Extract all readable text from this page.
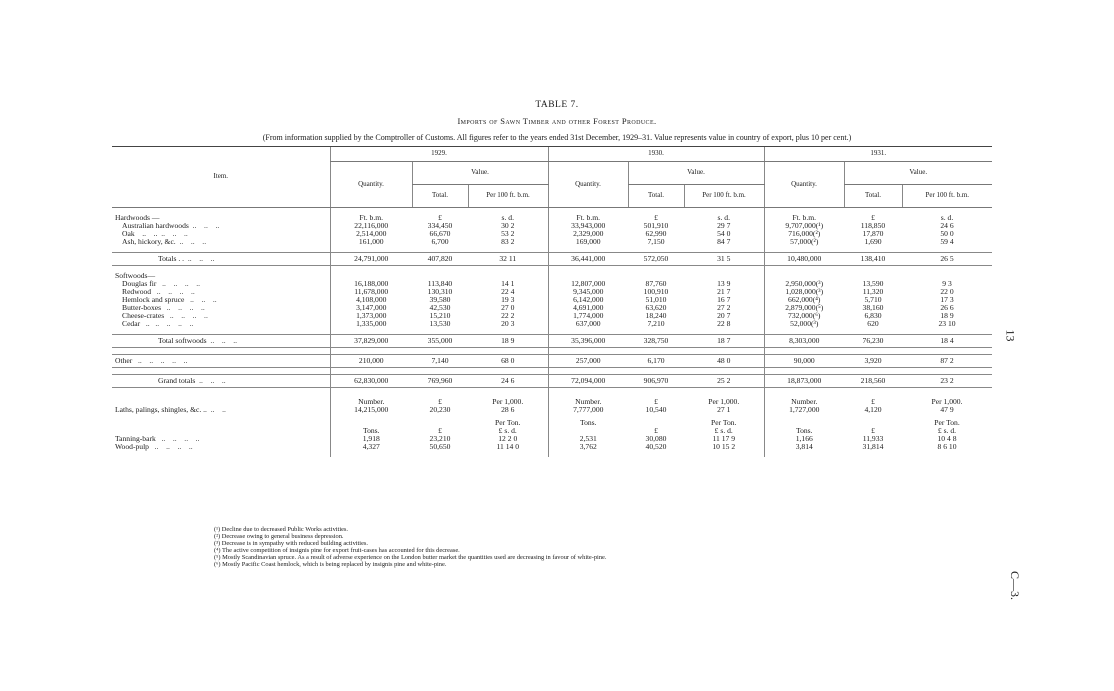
TABLE 7.
Imports of Sawn Timber and other Forest Produce.
(From information supplied by the Comptroller of Customs. All figures refer to the years ended 31st December, 1929–31. Value represents value in country of export, plus 10 per cent.)
13
C—3.
Item.	1929.			1930.			1931.		
	Quantity.	Value.		Quantity.	Value.		Quantity.	Value.	
		Total.	Per 100 ft. b.m.		Total.	Per 100 ft. b.m.		Total.	Per 100 ft. b.m.

Hardwoods —	Ft. b.m.	£	s. d.	Ft. b.m.	£	s. d.	Ft. b.m.	£	s. d.
Australian hardwoods  ..    ..    ..	22,116,000	334,450	30 2	33,943,000	501,910	29 7	9,707,000(¹)	118,850	24 6
Oak    ..    ..  ..    ..    ..	2,514,000	66,670	53 2	2,329,000	62,990	54 0	716,000(²)	17,870	50 0
Ash, hickory, &c.  ..    ..    ..	161,000	6,700	83 2	169,000	7,150	84 7	57,000(²)	1,690	59 4

Totals . .  ..    ..    ..	24,791,000	407,820	32 11	36,441,000	572,050	31 5	10,480,000	138,410	26 5

Softwoods—									
Douglas fir   ..    ..    ..    ..	16,188,000	113,840	14 1	12,807,000	87,760	13 9	2,950,000(³)	13,590	9 3
Redwood   ..    ..    ..    ..	11,678,000	130,310	22 4	9,345,000	100,910	21 7	1,028,000(³)	11,320	22 0
Hemlock and spruce   ..    ..    ..	4,108,000	39,580	19 3	6,142,000	51,010	16 7	662,000(⁴)	5,710	17 3
Butter-boxes   ..    ..    ..    ..	3,147,000	42,530	27 0	4,691,000	63,620	27 2	2,879,000(⁵)	38,160	26 6
Cheese-crates   ..    ..    ..    ..	1,373,000	15,210	22 2	1,774,000	18,240	20 7	732,000(⁶)	6,830	18 9
Cedar   ..   ..    ..    ..    ..	1,335,000	13,530	20 3	637,000	7,210	22 8	52,000(³)	620	23 10

Total softwoods  ..    ..    ..	37,829,000	355,000	18 9	35,396,000	328,750	18 7	8,303,000	76,230	18 4

Other   ..    ..    ..    ..    ..	210,000	7,140	68 0	257,000	6,170	48 0	90,000	3,920	87 2

Grand totals  ..    ..    ..	62,830,000	769,960	24 6	72,094,000	906,970	25 2	18,873,000	218,560	23 2

	Number.	£	Per 1,000.	Number.	£	Per 1,000.	Number.	£	Per 1,000.
Laths, palings, shingles, &c. ..  ..    ..	14,215,000	20,230	28 6	7,777,000	10,540	27 1	1,727,000	4,120	47 9

			Per Ton.	Tons.		Per Ton.			Per Ton.
	Tons.	£	£ s. d.		£	£ s. d.	Tons.	£	£ s. d.
Tanning-bark   ..    ..    ..    ..	1,918	23,210	12 2 0	2,531	30,080	11 17 9	1,166	11,933	10 4 8
Wood-pulp   ..    ..    ..    ..	4,327	50,650	11 14 0	3,762	40,520	10 15 2	3,814	31,814	8 6 10

(¹) Decline due to decreased Public Works activities.
(²) Decrease owing to general business depression.
(³) Decrease is in sympathy with reduced building activities.
(⁴) The active competition of insignis pine for export fruit-cases has accounted for this decrease.
(⁵) Mostly Scandinavian spruce. As a result of adverse experience on the London butter market the quantities used are decreasing in favour of white-pine.
(⁶) Mostly Pacific Coast hemlock, which is being replaced by insignis pine and white-pine.
